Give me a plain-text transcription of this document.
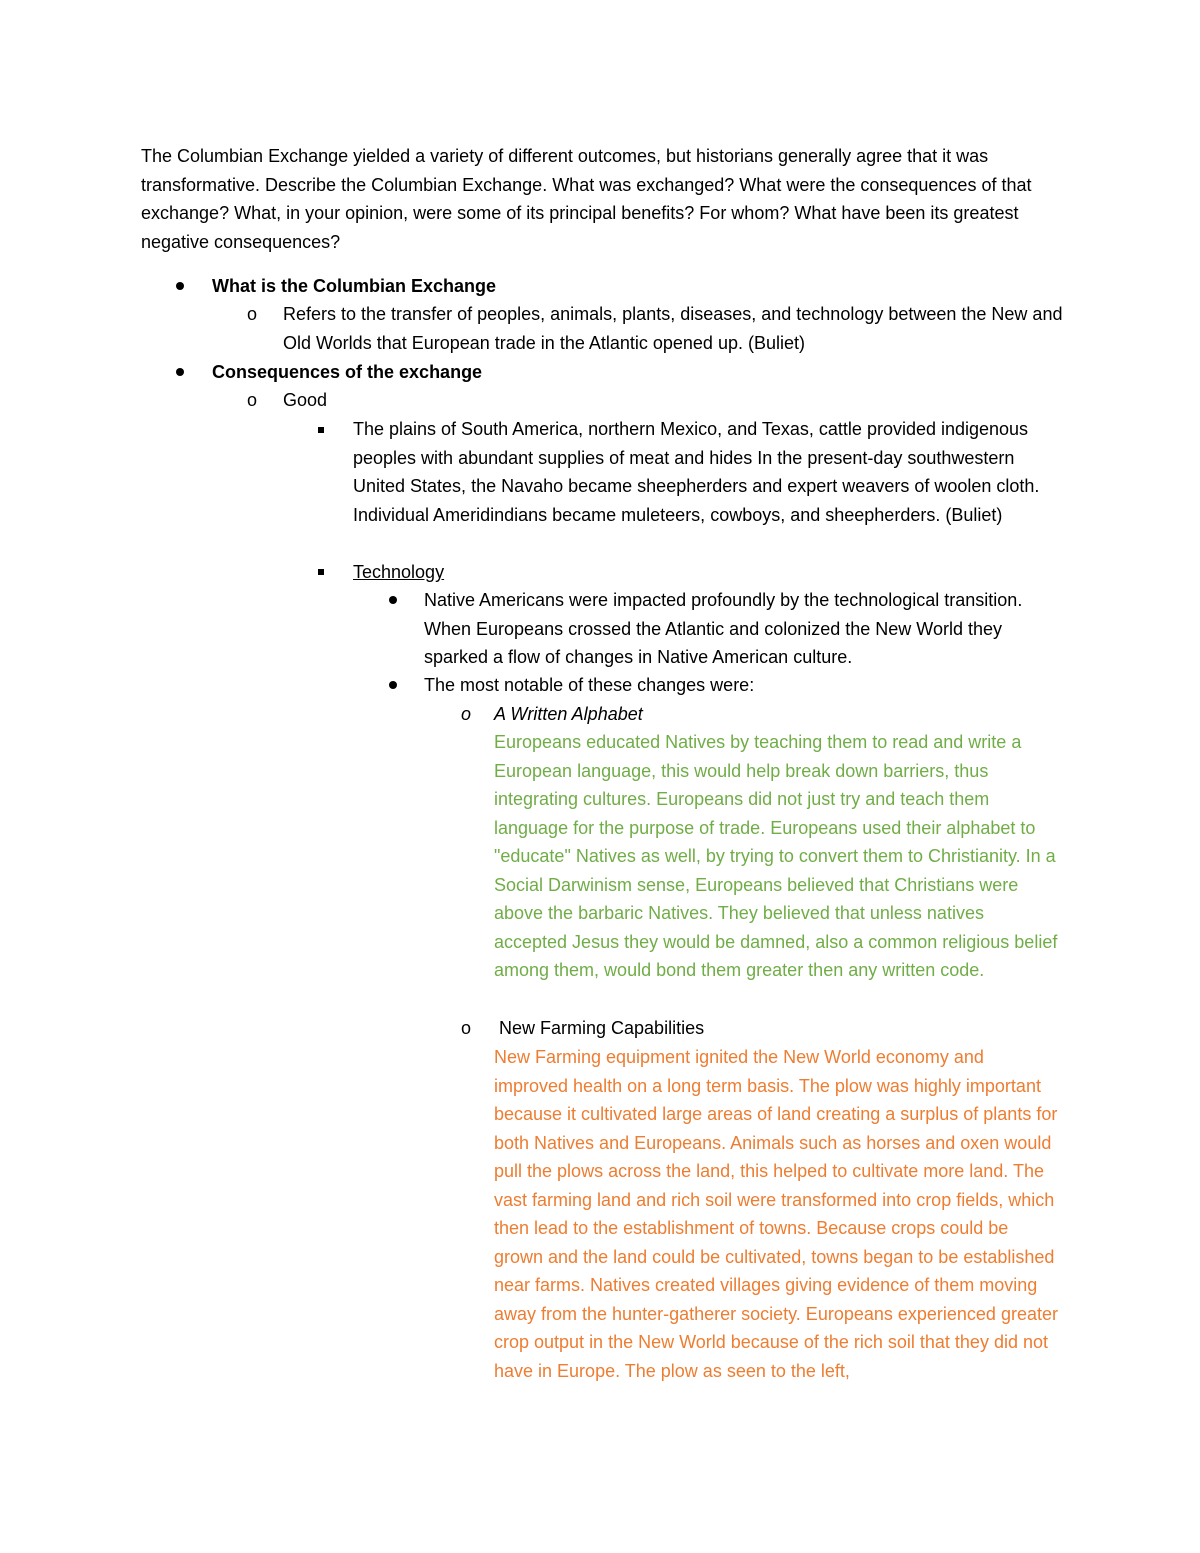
The Columbian Exchange yielded a variety of different outcomes, but historians generally agree that it was transformative. Describe the Columbian Exchange. What was exchanged? What were the consequences of that exchange? What, in your opinion, were some of its principal benefits? For whom? What have been its greatest negative consequences?

What is the Columbian Exchange
o Refers to the transfer of peoples, animals, plants, diseases, and technology between the New and Old Worlds that European trade in the Atlantic opened up. (Buliet)

Consequences of the exchange
o Good

The plains of South America, northern Mexico, and Texas, cattle provided indigenous peoples with abundant supplies of meat and hides In the present-day southwestern United States, the Navaho became sheepherders and expert weavers of woolen cloth. Individual Ameridindians became muleteers, cowboys, and sheepherders. (Buliet)

Technology

Native Americans were impacted profoundly by the technological transition. When Europeans crossed the Atlantic and colonized the New World they sparked a flow of changes in Native American culture.

The most notable of these changes were:
o A Written Alphabet

Europeans educated Natives by teaching them to read and write a European language, this would help break down barriers, thus integrating cultures. Europeans did not just try and teach them language for the purpose of trade. Europeans used their alphabet to "educate" Natives as well, by trying to convert them to Christianity. In a Social Darwinism sense, Europeans believed that Christians were above the barbaric Natives. They believed that unless natives accepted Jesus they would be damned, also a common religious belief among them, would bond them greater then any written code.

o New Farming Capabilities

New Farming equipment ignited the New World economy and improved health on a long term basis. The plow was highly important because it cultivated large areas of land creating a surplus of plants for both Natives and Europeans. Animals such as horses and oxen would pull the plows across the land, this helped to cultivate more land. The vast farming land and rich soil were transformed into crop fields, which then lead to the establishment of towns. Because crops could be grown and the land could be cultivated, towns began to be established near farms. Natives created villages giving evidence of them moving away from the hunter-gatherer society. Europeans experienced greater crop output in the New World because of the rich soil that they did not have in Europe. The plow as seen to the left,
